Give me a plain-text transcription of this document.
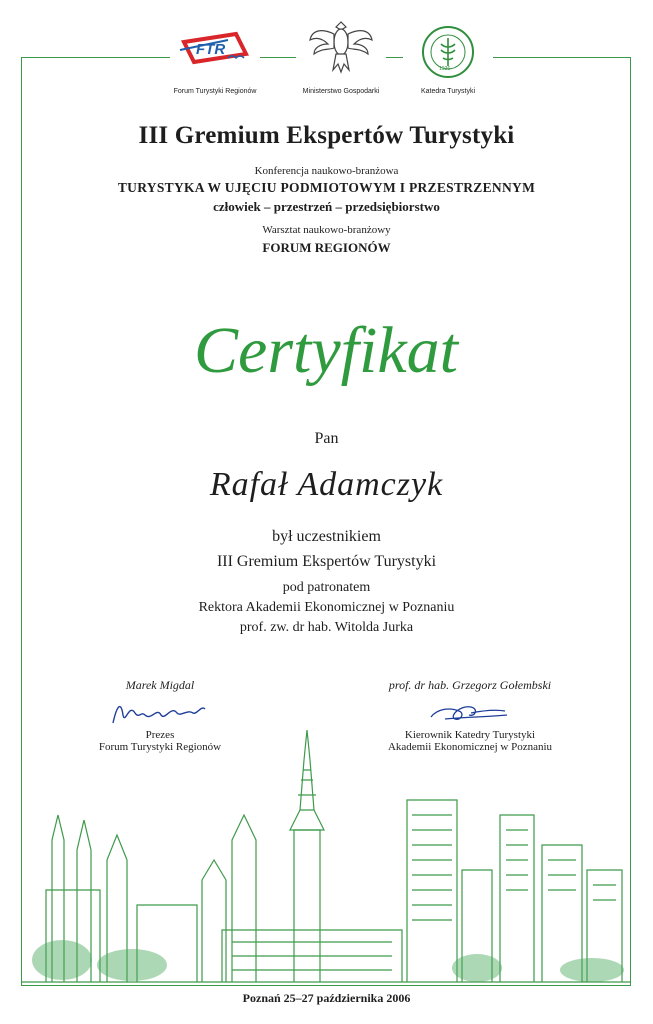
FTR
Forum Turystyki Regionów	Ministerstwo Gospodarki
1926
Katedra Turystyki
III Gremium Ekspertów Turystyki
Konferencja naukowo-branżowa
TURYSTYKA W UJĘCIU PODMIOTOWYM I PRZESTRZENNYM
człowiek – przestrzeń – przedsiębiorstwo
Warsztat naukowo-branżowy
FORUM REGIONÓW
Certyfikat
Pan
Rafał Adamczyk
był uczestnikiem
III Gremium Ekspertów Turystyki
pod patronatem
Rektora Akademii Ekonomicznej w Poznaniu
prof. zw. dr hab. Witolda Jurka
Marek Migdal
Prezes
Forum Turystyki Regionów
prof. dr hab. Grzegorz Gołembski
Kierownik Katedry Turystyki
Akademii Ekonomicznej w Poznaniu
Poznań 25–27 października 2006
